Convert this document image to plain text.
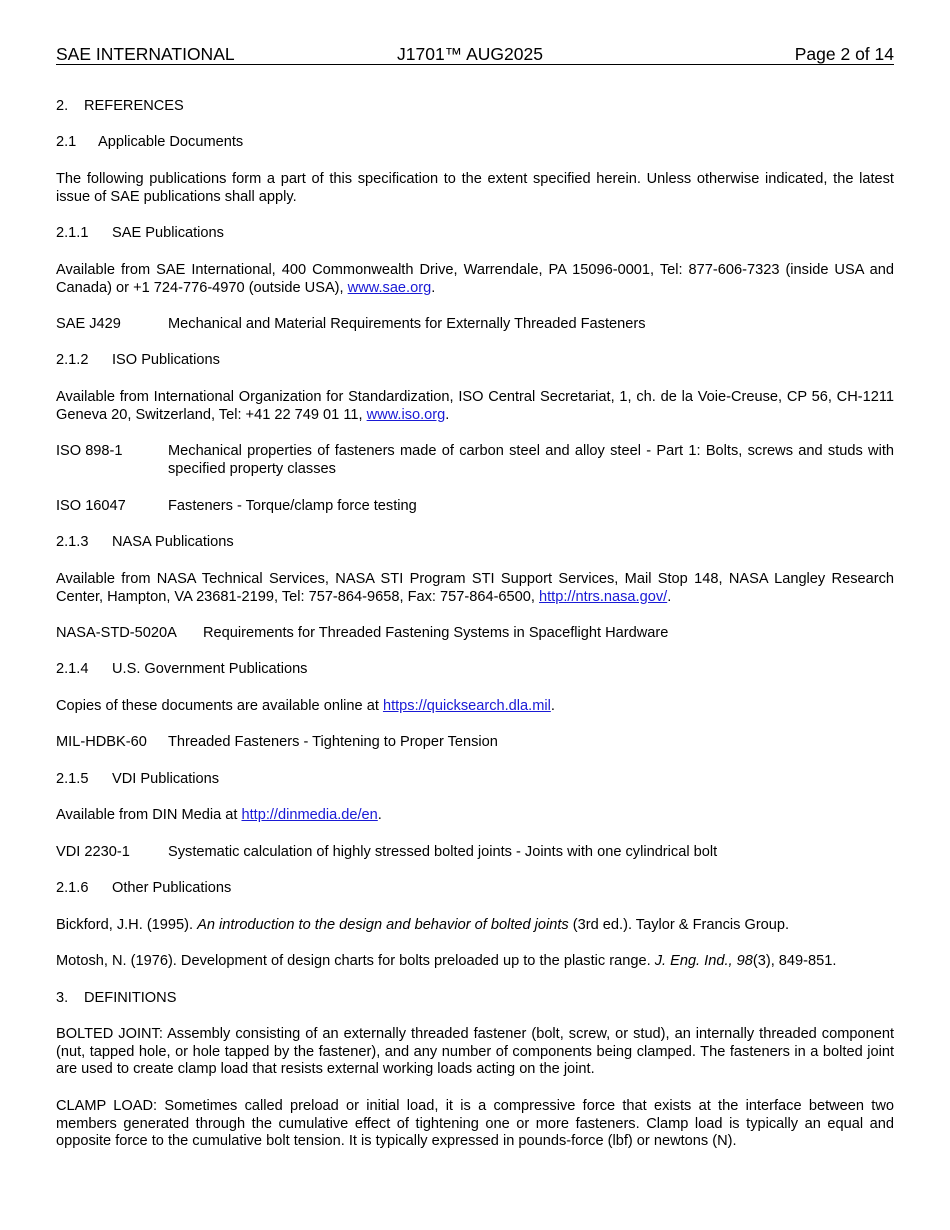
SAE INTERNATIONAL	J1701™ AUG2025	Page 2 of 14
2. REFERENCES
2.1 Applicable Documents
The following publications form a part of this specification to the extent specified herein. Unless otherwise indicated, the latest issue of SAE publications shall apply.
2.1.1 SAE Publications
Available from SAE International, 400 Commonwealth Drive, Warrendale, PA 15096-0001, Tel: 877-606-7323 (inside USA and Canada) or +1 724-776-4970 (outside USA), www.sae.org.
SAE J429	Mechanical and Material Requirements for Externally Threaded Fasteners
2.1.2 ISO Publications
Available from International Organization for Standardization, ISO Central Secretariat, 1, ch. de la Voie-Creuse, CP 56, CH-1211 Geneva 20, Switzerland, Tel: +41 22 749 01 11, www.iso.org.
ISO 898-1	Mechanical properties of fasteners made of carbon steel and alloy steel - Part 1: Bolts, screws and studs with specified property classes
ISO 16047	Fasteners - Torque/clamp force testing
2.1.3 NASA Publications
Available from NASA Technical Services, NASA STI Program STI Support Services, Mail Stop 148, NASA Langley Research Center, Hampton, VA 23681-2199, Tel: 757-864-9658, Fax: 757-864-6500, http://ntrs.nasa.gov/.
NASA-STD-5020A Requirements for Threaded Fastening Systems in Spaceflight Hardware
2.1.4 U.S. Government Publications
Copies of these documents are available online at https://quicksearch.dla.mil.
MIL-HDBK-60 Threaded Fasteners - Tightening to Proper Tension
2.1.5 VDI Publications
Available from DIN Media at http://dinmedia.de/en.
VDI 2230-1	Systematic calculation of highly stressed bolted joints - Joints with one cylindrical bolt
2.1.6 Other Publications
Bickford, J.H. (1995). An introduction to the design and behavior of bolted joints (3rd ed.). Taylor & Francis Group.
Motosh, N. (1976). Development of design charts for bolts preloaded up to the plastic range. J. Eng. Ind., 98(3), 849-851.
3. DEFINITIONS
BOLTED JOINT: Assembly consisting of an externally threaded fastener (bolt, screw, or stud), an internally threaded component (nut, tapped hole, or hole tapped by the fastener), and any number of components being clamped. The fasteners in a bolted joint are used to create clamp load that resists external working loads acting on the joint.
CLAMP LOAD: Sometimes called preload or initial load, it is a compressive force that exists at the interface between two members generated through the cumulative effect of tightening one or more fasteners. Clamp load is typically an equal and opposite force to the cumulative bolt tension. It is typically expressed in pounds-force (lbf) or newtons (N).
